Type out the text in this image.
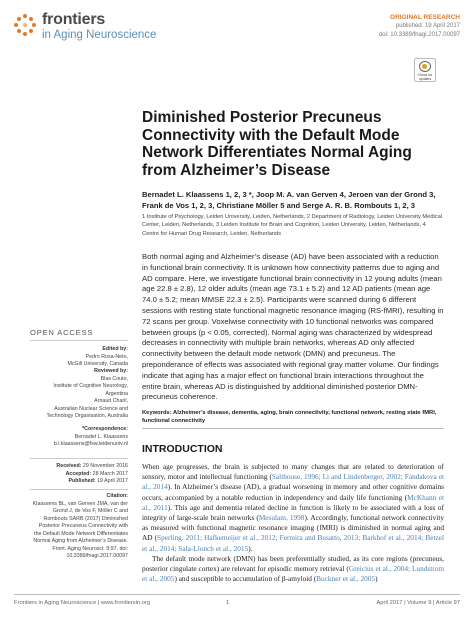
frontiers
in Aging Neuroscience
ORIGINAL RESEARCH
published: 19 April 2017
doi: 10.3389/fnagi.2017.00097
Check for updates
Diminished Posterior Precuneus Connectivity with the Default Mode Network Differentiates Normal Aging from Alzheimer’s Disease
Bernadet L. Klaassens 1, 2, 3 *, Joop M. A. van Gerven 4, Jeroen van der Grond 3,
Frank de Vos 1, 2, 3, Christiane Möller 5 and Serge A. R. B. Rombouts 1, 2, 3
1 Institute of Psychology, Leiden University, Leiden, Netherlands, 2 Department of Radiology, Leiden University Medical Center, Leiden, Netherlands, 3 Leiden Institute for Brain and Cognition, Leiden University, Leiden, Netherlands, 4 Centre for Human Drug Research, Leiden, Netherlands
Both normal aging and Alzheimer’s disease (AD) have been associated with a reduction in functional brain connectivity. It is unknown how connectivity patterns due to aging and AD compare. Here, we investigate functional brain connectivity in 12 young adults (mean age 22.8 ± 2.8), 12 older adults (mean age 73.1 ± 5.2) and 12 AD patients (mean age 74.0 ± 5.2; mean MMSE 22.3 ± 2.5). Participants were scanned during 6 different sessions with resting state functional magnetic resonance imaging (RS-fMRI), resulting in 72 scans per group. Voxelwise connectivity with 10 functional networks was compared between groups (p < 0.05, corrected). Normal aging was characterized by widespread decreases in connectivity with multiple brain networks, whereas AD only affected connectivity between the default mode network (DMN) and precuneus. The preponderance of effects was associated with regional gray matter volume. Our findings indicate that aging has a major effect on functional brain interactions throughout the entire brain, whereas AD is distinguished by additional diminished posterior DMN-precuneus coherence.
Keywords: Alzheimer’s disease, dementia, aging, brain connectivity, functional network, resting state fMRI, functional connectivity
INTRODUCTION

When age progresses, the brain is subjected to many changes that are related to deterioration of sensory, motor and intellectual functioning (Salthouse, 1996; Li and Lindenberger, 2002; Fandakova et al., 2014). In Alzheimer’s disease (AD), a gradual worsening in memory and other cognitive domains occurs, accompanied by a notable reduction in independency and daily life functioning (McKhann et al., 2011). This age and dementia related decline in function is likely to be associated with a loss of integrity of large-scale brain networks (Mesulam, 1998). Accordingly, functional network connectivity as measured with functional magnetic resonance imaging (fMRI) is diminished in normal aging and AD (Sperling, 2011; Hafkemeijer et al., 2012; Ferreira and Busatto, 2013; Barkhof et al., 2014; Betzel et al., 2014; Sala-Llonch et al., 2015).

The default mode network (DMN) has been preferentially studied, as its core regions (precuneus, posterior cingulate cortex) are relevant for episodic memory retrieval (Greicius et al., 2004; Lundstrom et al., 2005) and susceptible to accumulation of β-amyloid (Buckner et al., 2005)

OPEN ACCESS
Edited by:
Pedro Rosa-Neto,
McGill University, Canada
Reviewed by:
Blas Couto,
Institute of Cognitive Neurology,
Argentina
Arnaud Charil,
Australian Nuclear Science and
Technology Organisation, Australia
*Correspondence:
Bernadet L. Klaassens
b.l.klaassens@fsw.leidenuniv.nl
Received: 29 November 2016
Accepted: 28 March 2017
Published: 19 April 2017
Citation:
Klaassens BL, van Gerven JMA, van der Grond J, de Vos F, Möller C and Rombouts SARB (2017) Diminished Posterior Precuneus Connectivity with the Default Mode Network Differentiates Normal Aging from Alzheimer’s Disease. Front. Aging Neurosci. 9:97. doi: 10.3389/fnagi.2017.00097
Frontiers in Aging Neuroscience | www.frontiersin.org	1	April 2017 | Volume 9 | Article 97
